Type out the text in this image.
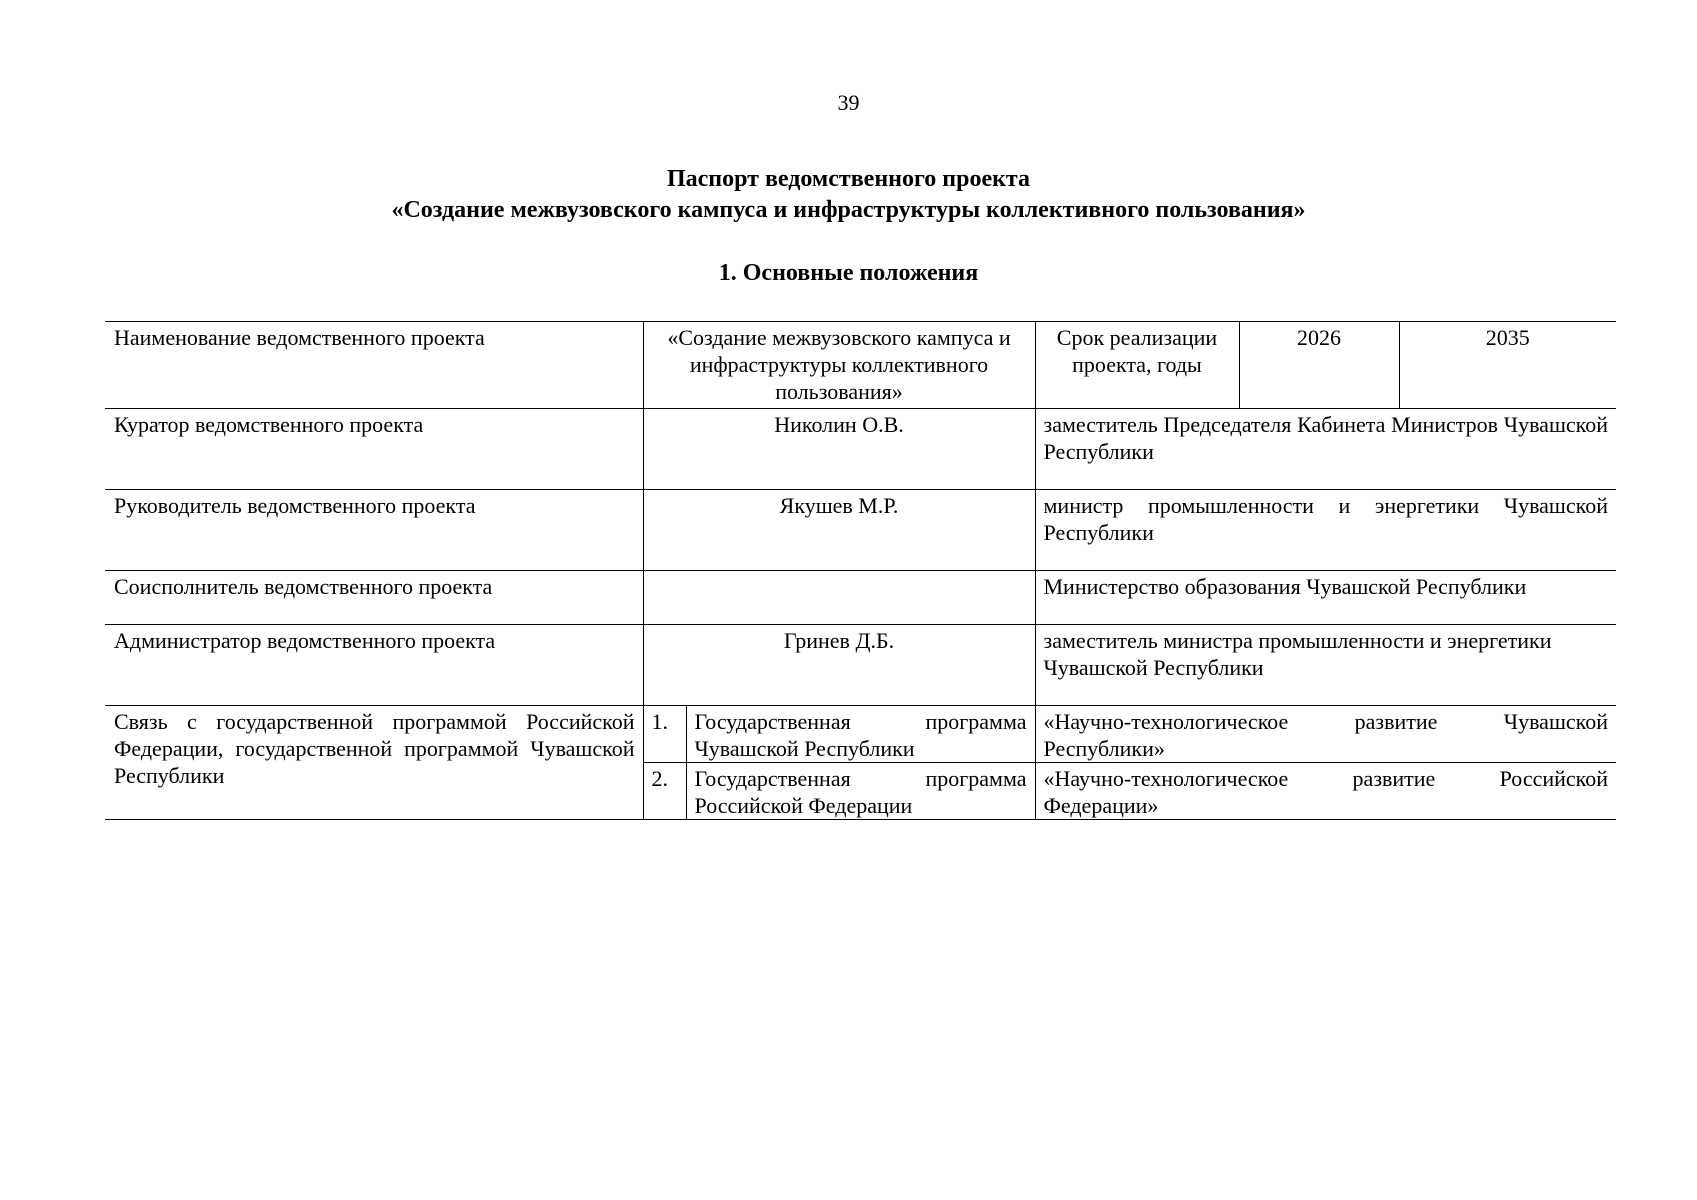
39
Паспорт ведомственного проекта
«Создание межвузовского кампуса и инфраструктуры коллективного пользования»
1. Основные положения
Наименование ведомственного проекта	«Создание межвузовского кампуса и инфраструктуры коллективного пользования»		Срок реализации проекта, годы	2026	2035
Куратор ведомственного проекта	Николин О.В.		заместитель Председателя Кабинета Министров Чувашской Республики		
Руководитель ведомственного проекта	Якушев М.Р.		министр промышленности и энергетики Чувашской Республики		
Соисполнитель ведомственного проекта			Министерство образования Чувашской Республики		
Администратор ведомственного проекта	Гринев Д.Б.		заместитель министра промышленности и энергетики Чувашской Республики		
Связь с государственной программой Российской Федерации, государственной программой Чувашской Республики	1.	Государственная программа Чувашской Республики	«Научно-технологическое развитие Чувашской Республики»		
	2.	Государственная программа Российской Федерации	«Научно-технологическое развитие Российской Федерации»		
